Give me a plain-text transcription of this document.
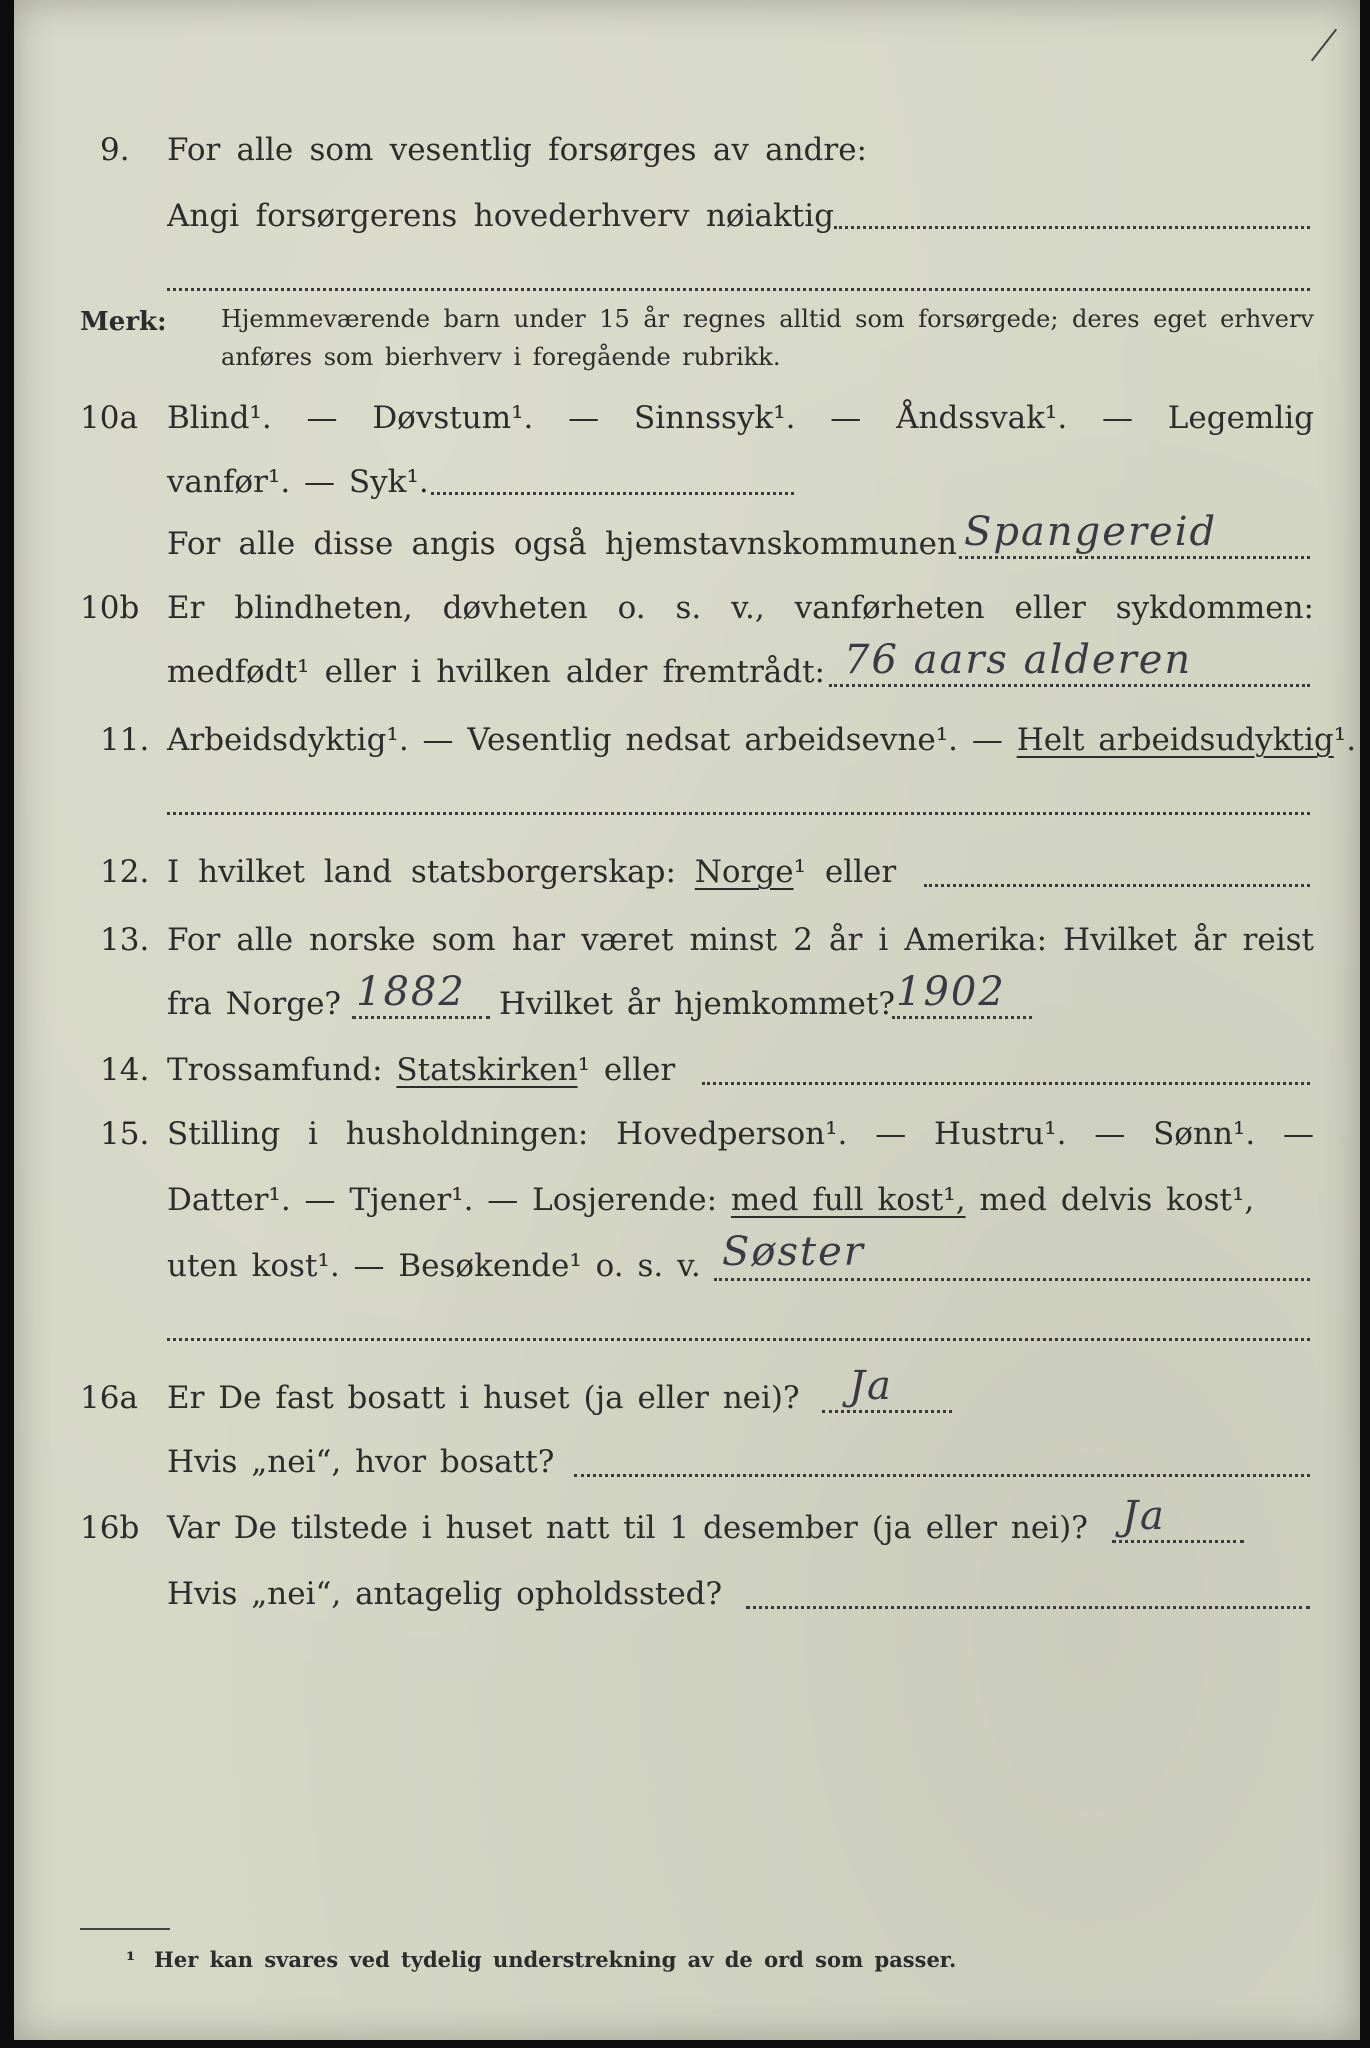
9. For alle som vesentlig forsørges av andre:
Angi forsørgerens hovederhverv nøiaktig
Merk: Hjemmeværende barn under 15 år regnes alltid som forsørgede; deres eget erhverv
anføres som bierhverv i foregående rubrikk.
10a Blind¹. — Døvstum¹. — Sinnssyk¹. — Åndssvak¹. — Legemlig
vanfør¹. — Syk¹.
For alle disse angis også hjemstavnskommunen Spangereid
10b Er blindheten, døvheten o. s. v., vanførheten eller sykdommen:
medfødt¹ eller i hvilken alder fremtrådt: 76 aars alderen
11. Arbeidsdyktig¹. — Vesentlig nedsat arbeidsevne¹. — Helt arbeidsudyktig¹.
12. I hvilket land statsborgerskap: Norge¹ eller
13. For alle norske som har været minst 2 år i Amerika: Hvilket år reist
fra Norge? 1882 Hvilket år hjemkommet? 1902
14. Trossamfund: Statskirken¹ eller
15. Stilling i husholdningen: Hovedperson¹. — Hustru¹. — Sønn¹. —
Datter¹. — Tjener¹. — Losjerende: med full kost¹, med delvis kost¹,
uten kost¹. — Besøkende¹ o. s. v. Søster
16a Er De fast bosatt i huset (ja eller nei)? Ja
Hvis „nei“, hvor bosatt?
16b Var De tilstede i huset natt til 1 desember (ja eller nei)? Ja
Hvis „nei“, antagelig opholdssted?
¹ Her kan svares ved tydelig understrekning av de ord som passer.
